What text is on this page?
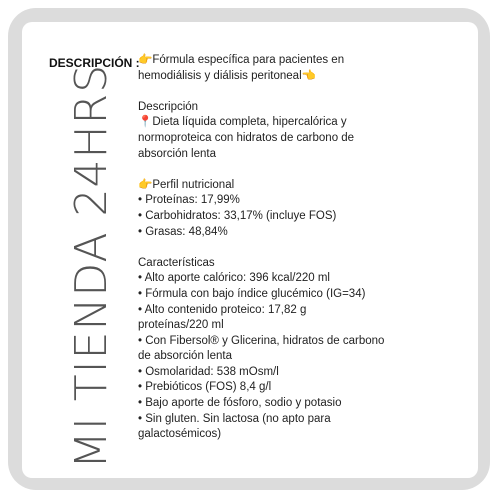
MI TIENDA 24HRS
DESCRIPCIÓN :

👉Fórmula específica para pacientes en

hemodiálisis y diálisis peritoneal👈

Descripción

📍Dieta líquida completa, hipercalórica y

normoproteica con hidratos de carbono de

absorción lenta

👉Perfil nutricional

• Proteínas: 17,99%

• Carbohidratos: 33,17% (incluye FOS)

• Grasas: 48,84%

Características

• Alto aporte calórico: 396 kcal/220 ml

• Fórmula con bajo índice glucémico (IG=34)

• Alto contenido proteico: 17,82 g

proteínas/220 ml

• Con Fibersol® y Glicerina, hidratos de carbono

de absorción lenta

• Osmolaridad: 538 mOsm/l

• Prebióticos (FOS) 8,4 g/l

• Bajo aporte de fósforo, sodio y potasio

• Sin gluten. Sin lactosa (no apto para

galactosémicos)
